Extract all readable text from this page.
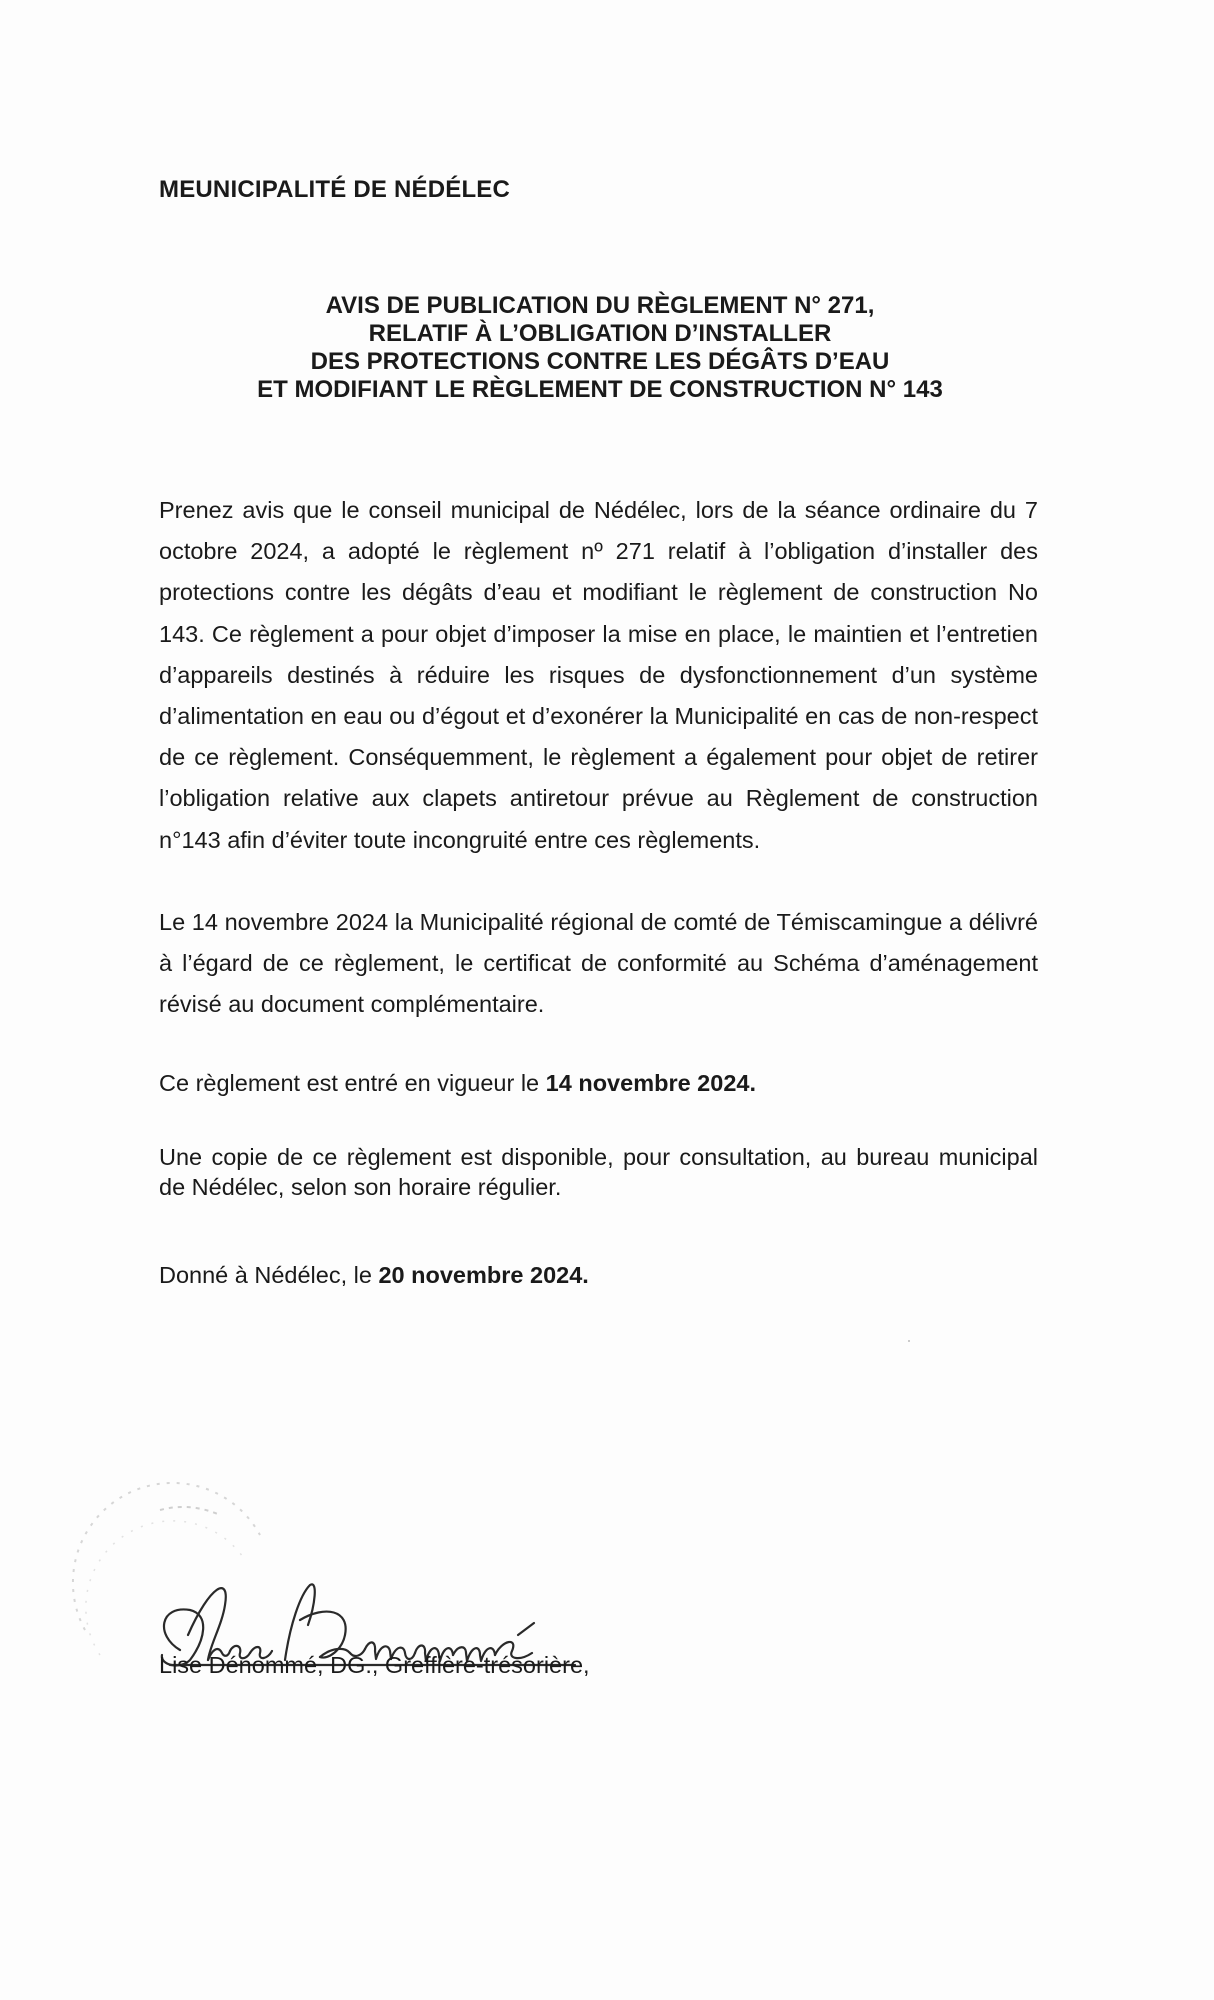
MEUNICIPALITÉ DE NÉDÉLEC
AVIS DE PUBLICATION DU RÈGLEMENT N° 271,
RELATIF À L’OBLIGATION D’INSTALLER
DES PROTECTIONS CONTRE LES DÉGÂTS D’EAU
ET MODIFIANT LE RÈGLEMENT DE CONSTRUCTION N° 143

Prenez avis que le conseil municipal de Nédélec, lors de la séance ordinaire du 7 octobre 2024, a adopté le règlement nº 271 relatif à l’obligation d’installer des protections contre les dégâts d’eau et modifiant le règlement de construction No 143. Ce règlement a pour objet d’imposer la mise en place, le maintien et l’entretien d’appareils destinés à réduire les risques de dysfonctionnement d’un système d’alimentation en eau ou d’égout et d’exonérer la Municipalité en cas de non-respect de ce règlement. Conséquemment, le règlement a également pour objet de retirer l’obligation relative aux clapets antiretour prévue au Règlement de construction n°143 afin d’éviter toute incongruité entre ces règlements.

Le 14 novembre 2024 la Municipalité régional de comté de Témiscamingue a délivré à l’égard de ce règlement, le certificat de conformité au Schéma d’aménagement révisé au document complémentaire.

Ce règlement est entré en vigueur le 14 novembre 2024.

Une copie de ce règlement est disponible, pour consultation, au bureau municipal de Nédélec, selon son horaire régulier.

Donné à Nédélec, le 20 novembre 2024.

Lise Dénommé, DG., Greffière-trésorière,
